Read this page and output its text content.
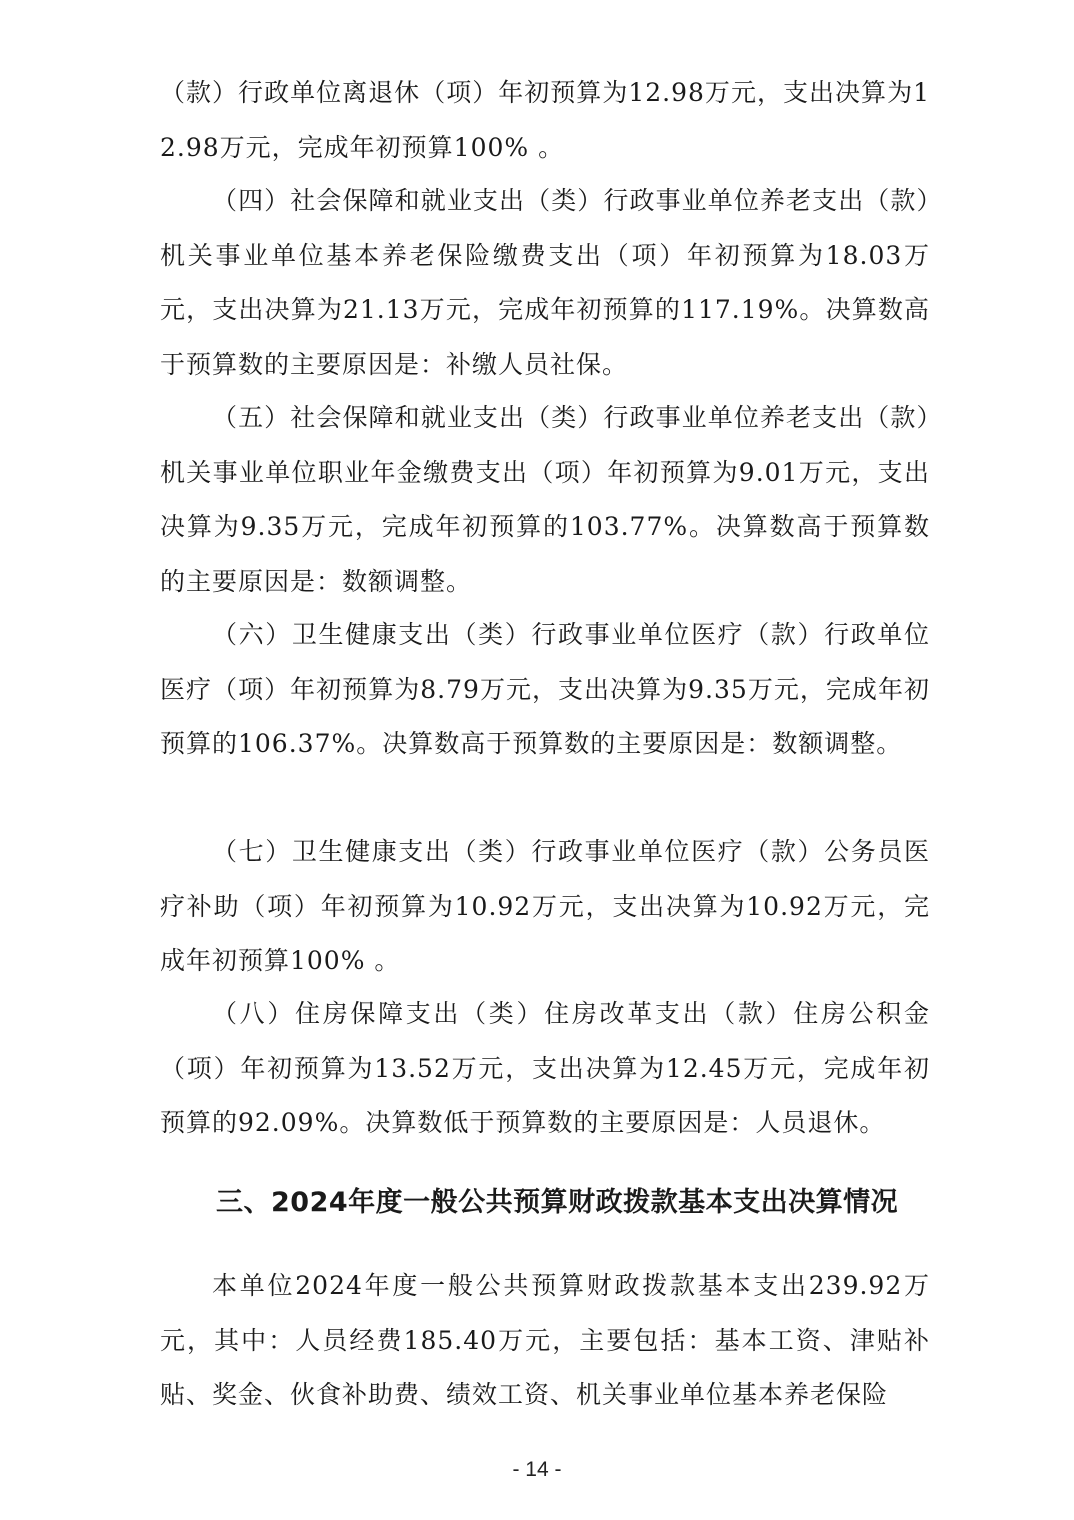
（款）行政单位离退休（项）年初预算为12.98万元，支出决算为12.98万元，完成年初预算100% 。

（四）社会保障和就业支出（类）行政事业单位养老支出（款）机关事业单位基本养老保险缴费支出（项）年初预算为18.03万元，支出决算为21.13万元，完成年初预算的117.19%。决算数高于预算数的主要原因是：补缴人员社保。

（五）社会保障和就业支出（类）行政事业单位养老支出（款）机关事业单位职业年金缴费支出（项）年初预算为9.01万元，支出决算为9.35万元，完成年初预算的103.77%。决算数高于预算数的主要原因是：数额调整。

（六）卫生健康支出（类）行政事业单位医疗（款）行政单位医疗（项）年初预算为8.79万元，支出决算为9.35万元，完成年初预算的106.37%。决算数高于预算数的主要原因是：数额调整。

（七）卫生健康支出（类）行政事业单位医疗（款）公务员医疗补助（项）年初预算为10.92万元，支出决算为10.92万元，完成年初预算100% 。

（八）住房保障支出（类）住房改革支出（款）住房公积金（项）年初预算为13.52万元，支出决算为12.45万元，完成年初预算的92.09%。决算数低于预算数的主要原因是：人员退休。

三、2024年度一般公共预算财政拨款基本支出决算情况

本单位2024年度一般公共预算财政拨款基本支出239.92万元，其中：人员经费185.40万元，主要包括：基本工资、津贴补贴、奖金、伙食补助费、绩效工资、机关事业单位基本养老保险

- 14 -
